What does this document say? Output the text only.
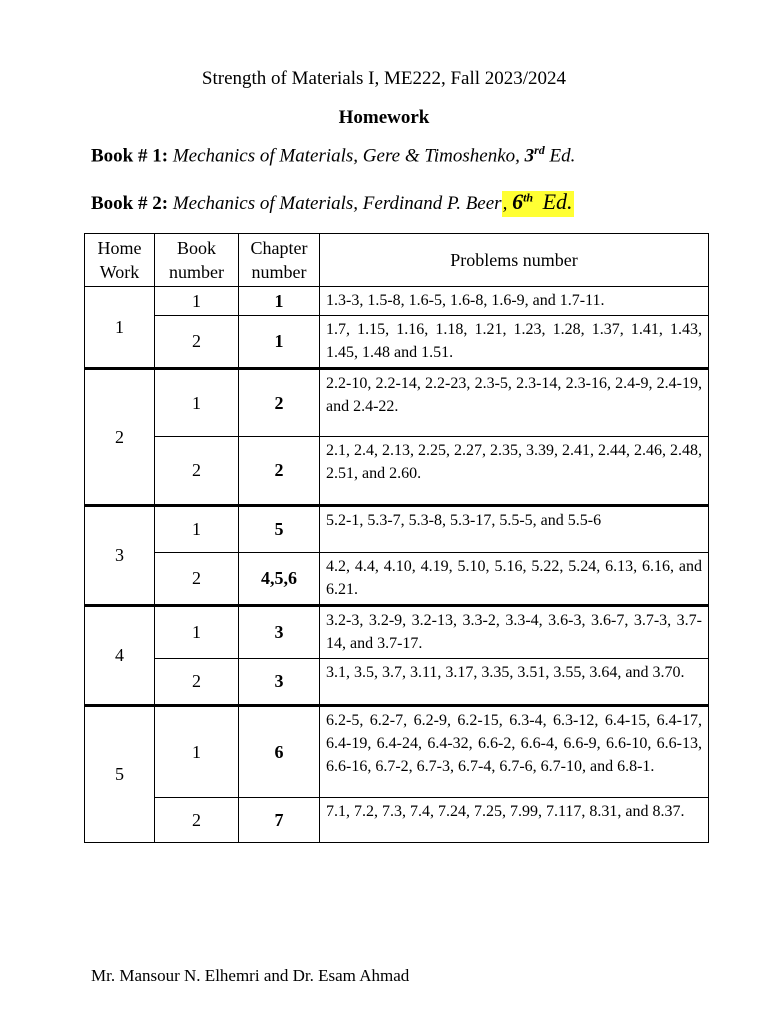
Strength of Materials I, ME222, Fall 2023/2024
Homework
Book # 1: Mechanics of Materials, Gere & Timoshenko, 3rd Ed.
Book # 2: Mechanics of Materials, Ferdinand P. Beer, 6th Ed.
Home Work	Book number	Chapter number	Problems number
1	1	1	1.3-3, 1.5-8, 1.6-5, 1.6-8, 1.6-9, and 1.7-11.
	2	1	1.7, 1.15, 1.16, 1.18, 1.21, 1.23, 1.28, 1.37, 1.41, 1.43, 1.45, 1.48 and 1.51.
2	1	2	2.2-10, 2.2-14, 2.2-23, 2.3-5, 2.3-14, 2.3-16, 2.4-9, 2.4-19, and 2.4-22.
	2	2	2.1, 2.4, 2.13, 2.25, 2.27, 2.35, 3.39, 2.41, 2.44, 2.46, 2.48, 2.51, and 2.60.
3	1	5	5.2-1, 5.3-7, 5.3-8, 5.3-17, 5.5-5, and 5.5-6
	2	4,5,6	4.2, 4.4, 4.10, 4.19, 5.10, 5.16, 5.22, 5.24, 6.13, 6.16, and 6.21.
4	1	3	3.2-3, 3.2-9, 3.2-13, 3.3-2, 3.3-4, 3.6-3, 3.6-7, 3.7-3, 3.7-14, and 3.7-17.
	2	3	3.1, 3.5, 3.7, 3.11, 3.17, 3.35, 3.51, 3.55, 3.64, and 3.70.
5	1	6	6.2-5, 6.2-7, 6.2-9, 6.2-15, 6.3-4, 6.3-12, 6.4-15, 6.4-17, 6.4-19, 6.4-24, 6.4-32, 6.6-2, 6.6-4, 6.6-9, 6.6-10, 6.6-13, 6.6-16, 6.7-2, 6.7-3, 6.7-4, 6.7-6, 6.7-10, and 6.8-1.
	2	7	7.1, 7.2, 7.3, 7.4, 7.24, 7.25, 7.99, 7.117, 8.31, and 8.37.
Mr. Mansour N. Elhemri and Dr. Esam Ahmad
